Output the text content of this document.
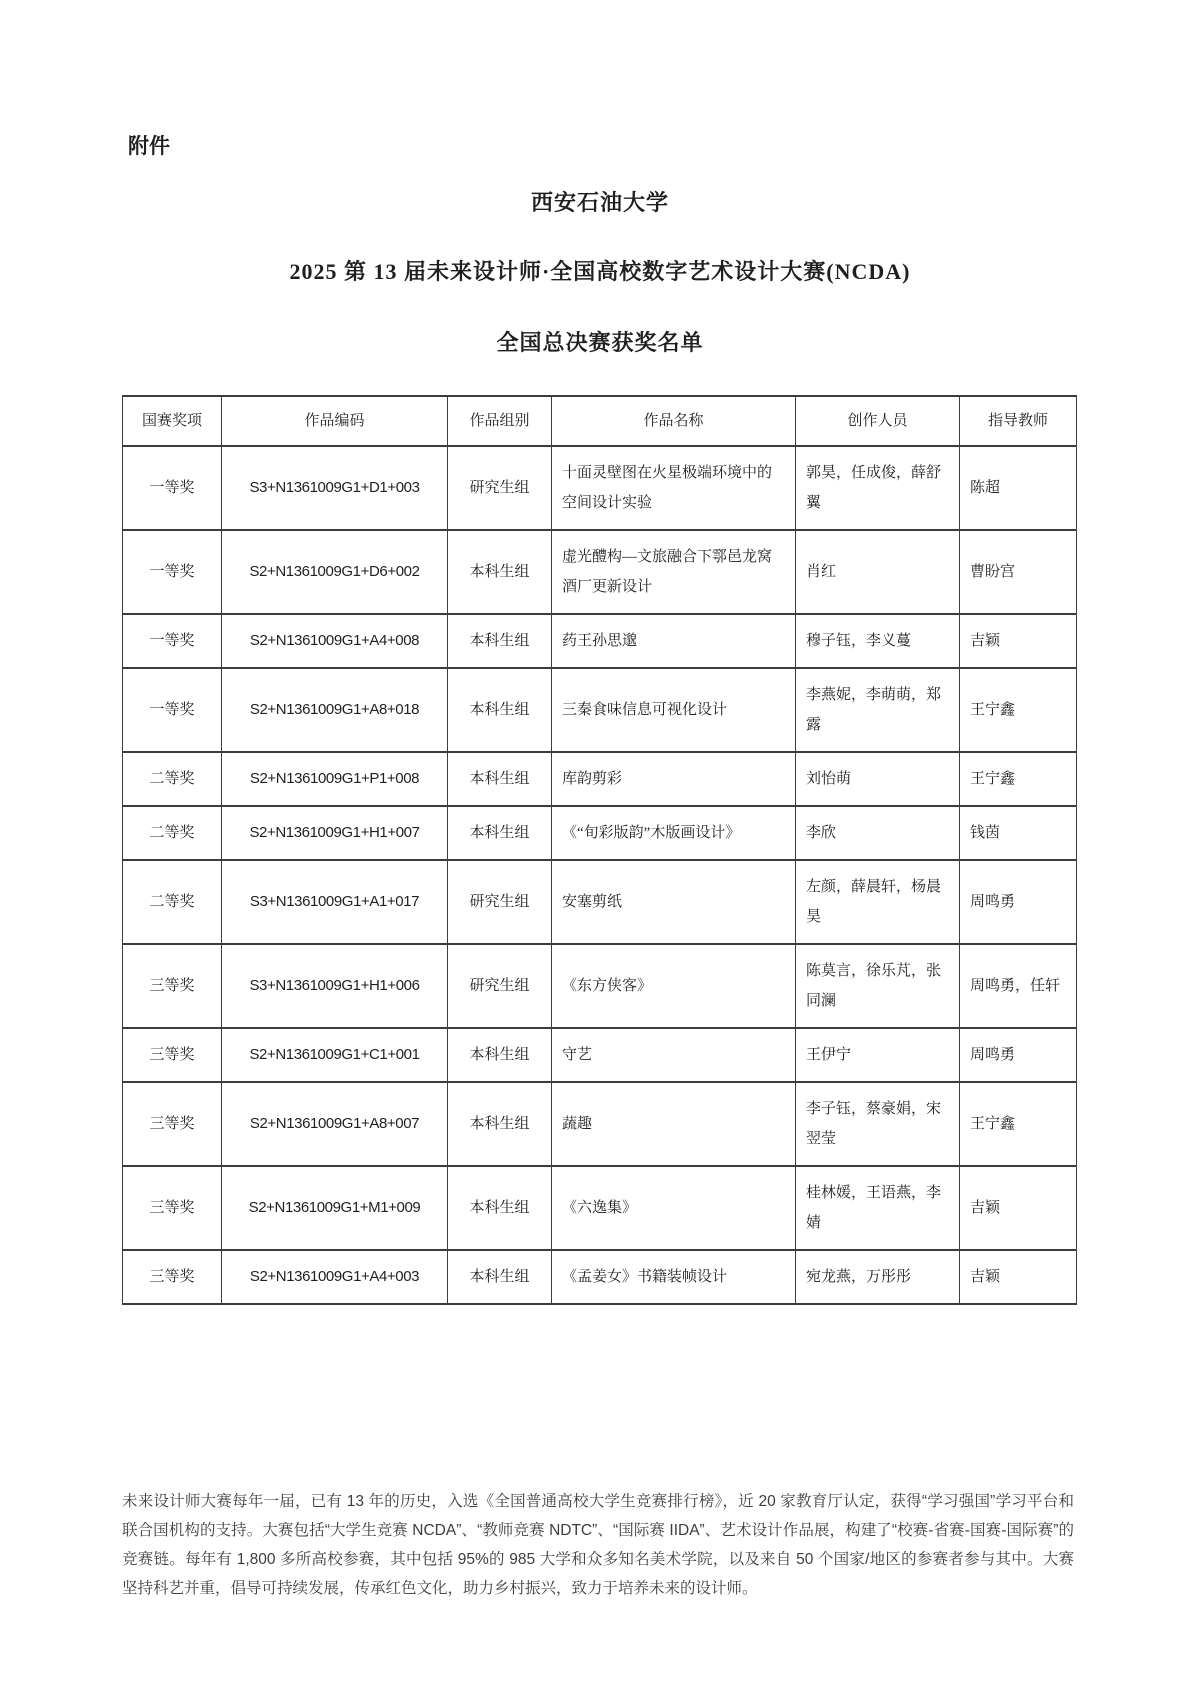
附件
西安石油大学
2025 第 13 届未来设计师·全国高校数字艺术设计大赛(NCDA)
全国总决赛获奖名单
国赛奖项	作品编码	作品组别	作品名称	创作人员	指导教师
一等奖	S3+N1361009G1+D1+003	研究生组	十面灵壁图在火星极端环境中的空间设计实验	郭昊，任成俊，薛舒翼	陈超
一等奖	S2+N1361009G1+D6+002	本科生组	虚光醴构—文旅融合下鄠邑龙窝酒厂更新设计	肖红	曹盼宫
一等奖	S2+N1361009G1+A4+008	本科生组	药王孙思邈	穆子钰，李义蔓	吉颖
一等奖	S2+N1361009G1+A8+018	本科生组	三秦食味信息可视化设计	李燕妮，李萌萌，郑露	王宁鑫
二等奖	S2+N1361009G1+P1+008	本科生组	库韵剪彩	刘怡萌	王宁鑫
二等奖	S2+N1361009G1+H1+007	本科生组	《“旬彩版韵”木版画设计》	李欣	钱茵
二等奖	S3+N1361009G1+A1+017	研究生组	安塞剪纸	左颜，薛晨轩，杨晨昊	周鸣勇
三等奖	S3+N1361009G1+H1+006	研究生组	《东方侠客》	陈莫言，徐乐芃，张同澜	周鸣勇，任轩
三等奖	S2+N1361009G1+C1+001	本科生组	守艺	王伊宁	周鸣勇
三等奖	S2+N1361009G1+A8+007	本科生组	蔬趣	李子钰，蔡豪娟，宋翌莹	王宁鑫
三等奖	S2+N1361009G1+M1+009	本科生组	《六逸集》	桂林媛，王语燕，李婧	吉颖
三等奖	S2+N1361009G1+A4+003	本科生组	《孟姜女》书籍装帧设计	宛龙燕，万彤彤	吉颖
未来设计师大赛每年一届，已有 13 年的历史，入选《全国普通高校大学生竞赛排行榜》，近 20 家教育厅认定，获得“学习强国”学习平台和联合国机构的支持。大赛包括“大学生竞赛 NCDA”、“教师竞赛 NDTC”、“国际赛 IIDA”、艺术设计作品展，构建了“校赛-省赛-国赛-国际赛”的竞赛链。每年有 1,800 多所高校参赛，其中包括 95%的 985 大学和众多知名美术学院，以及来自 50 个国家/地区的参赛者参与其中。大赛坚持科艺并重，倡导可持续发展，传承红色文化，助力乡村振兴，致力于培养未来的设计师。
